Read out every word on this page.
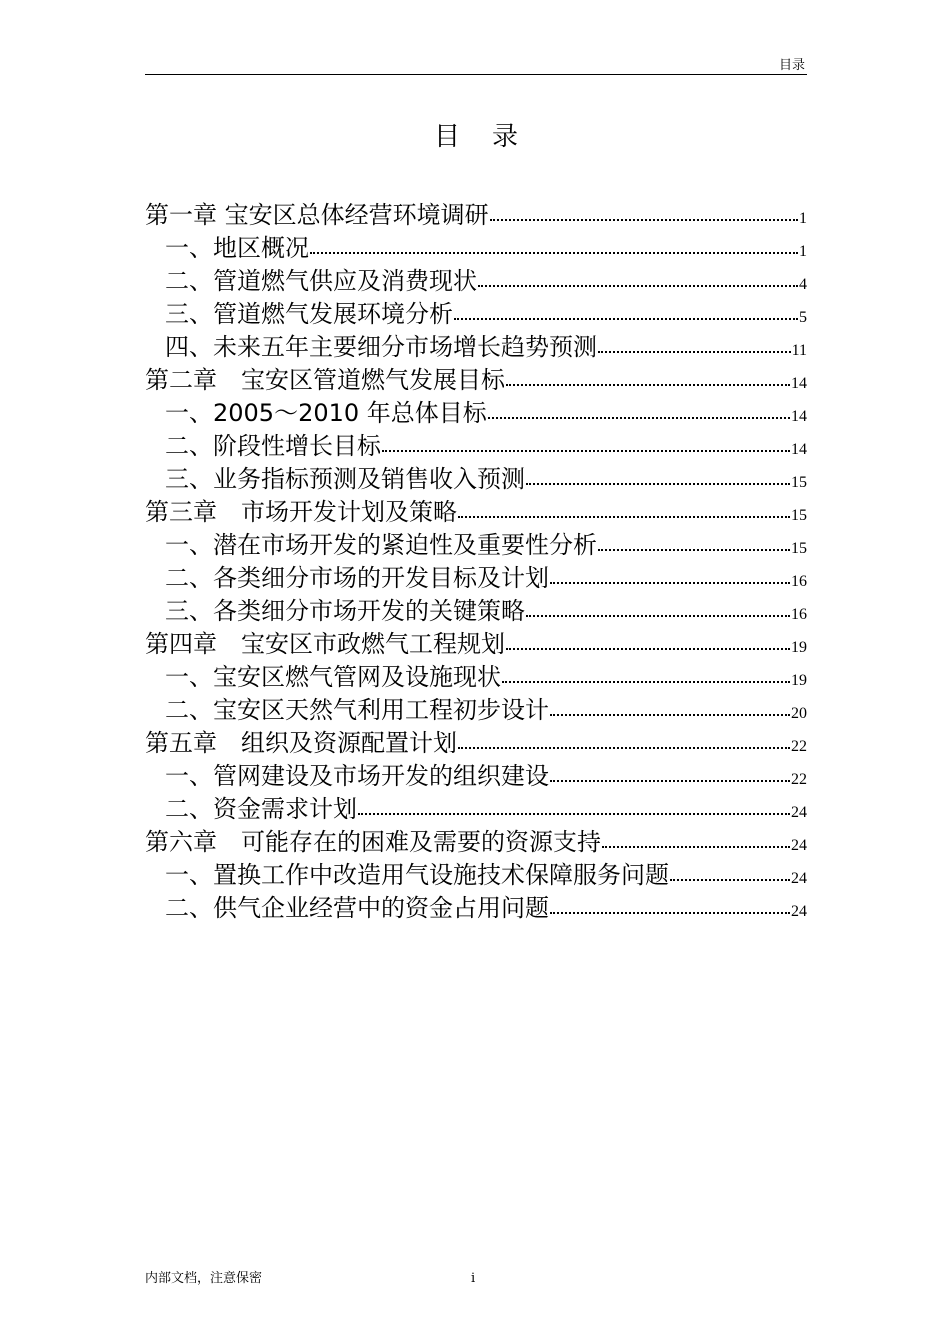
目录
目 录
第一章 宝安区总体经营环境调研	1
一、地区概况	1
二、管道燃气供应及消费现状	4
三、管道燃气发展环境分析	5
四、未来五年主要细分市场增长趋势预测	11
第二章　宝安区管道燃气发展目标	14
一、2005～2010 年总体目标	14
二、阶段性增长目标	14
三、业务指标预测及销售收入预测	15
第三章　市场开发计划及策略	15
一、潜在市场开发的紧迫性及重要性分析	15
二、各类细分市场的开发目标及计划	16
三、各类细分市场开发的关键策略	16
第四章　宝安区市政燃气工程规划	19
一、宝安区燃气管网及设施现状	19
二、宝安区天然气利用工程初步设计	20
第五章　组织及资源配置计划	22
一、管网建设及市场开发的组织建设	22
二、资金需求计划	24
第六章　可能存在的困难及需要的资源支持	24
一、置换工作中改造用气设施技术保障服务问题	24
二、供气企业经营中的资金占用问题	24
内部文档，注意保密	i
